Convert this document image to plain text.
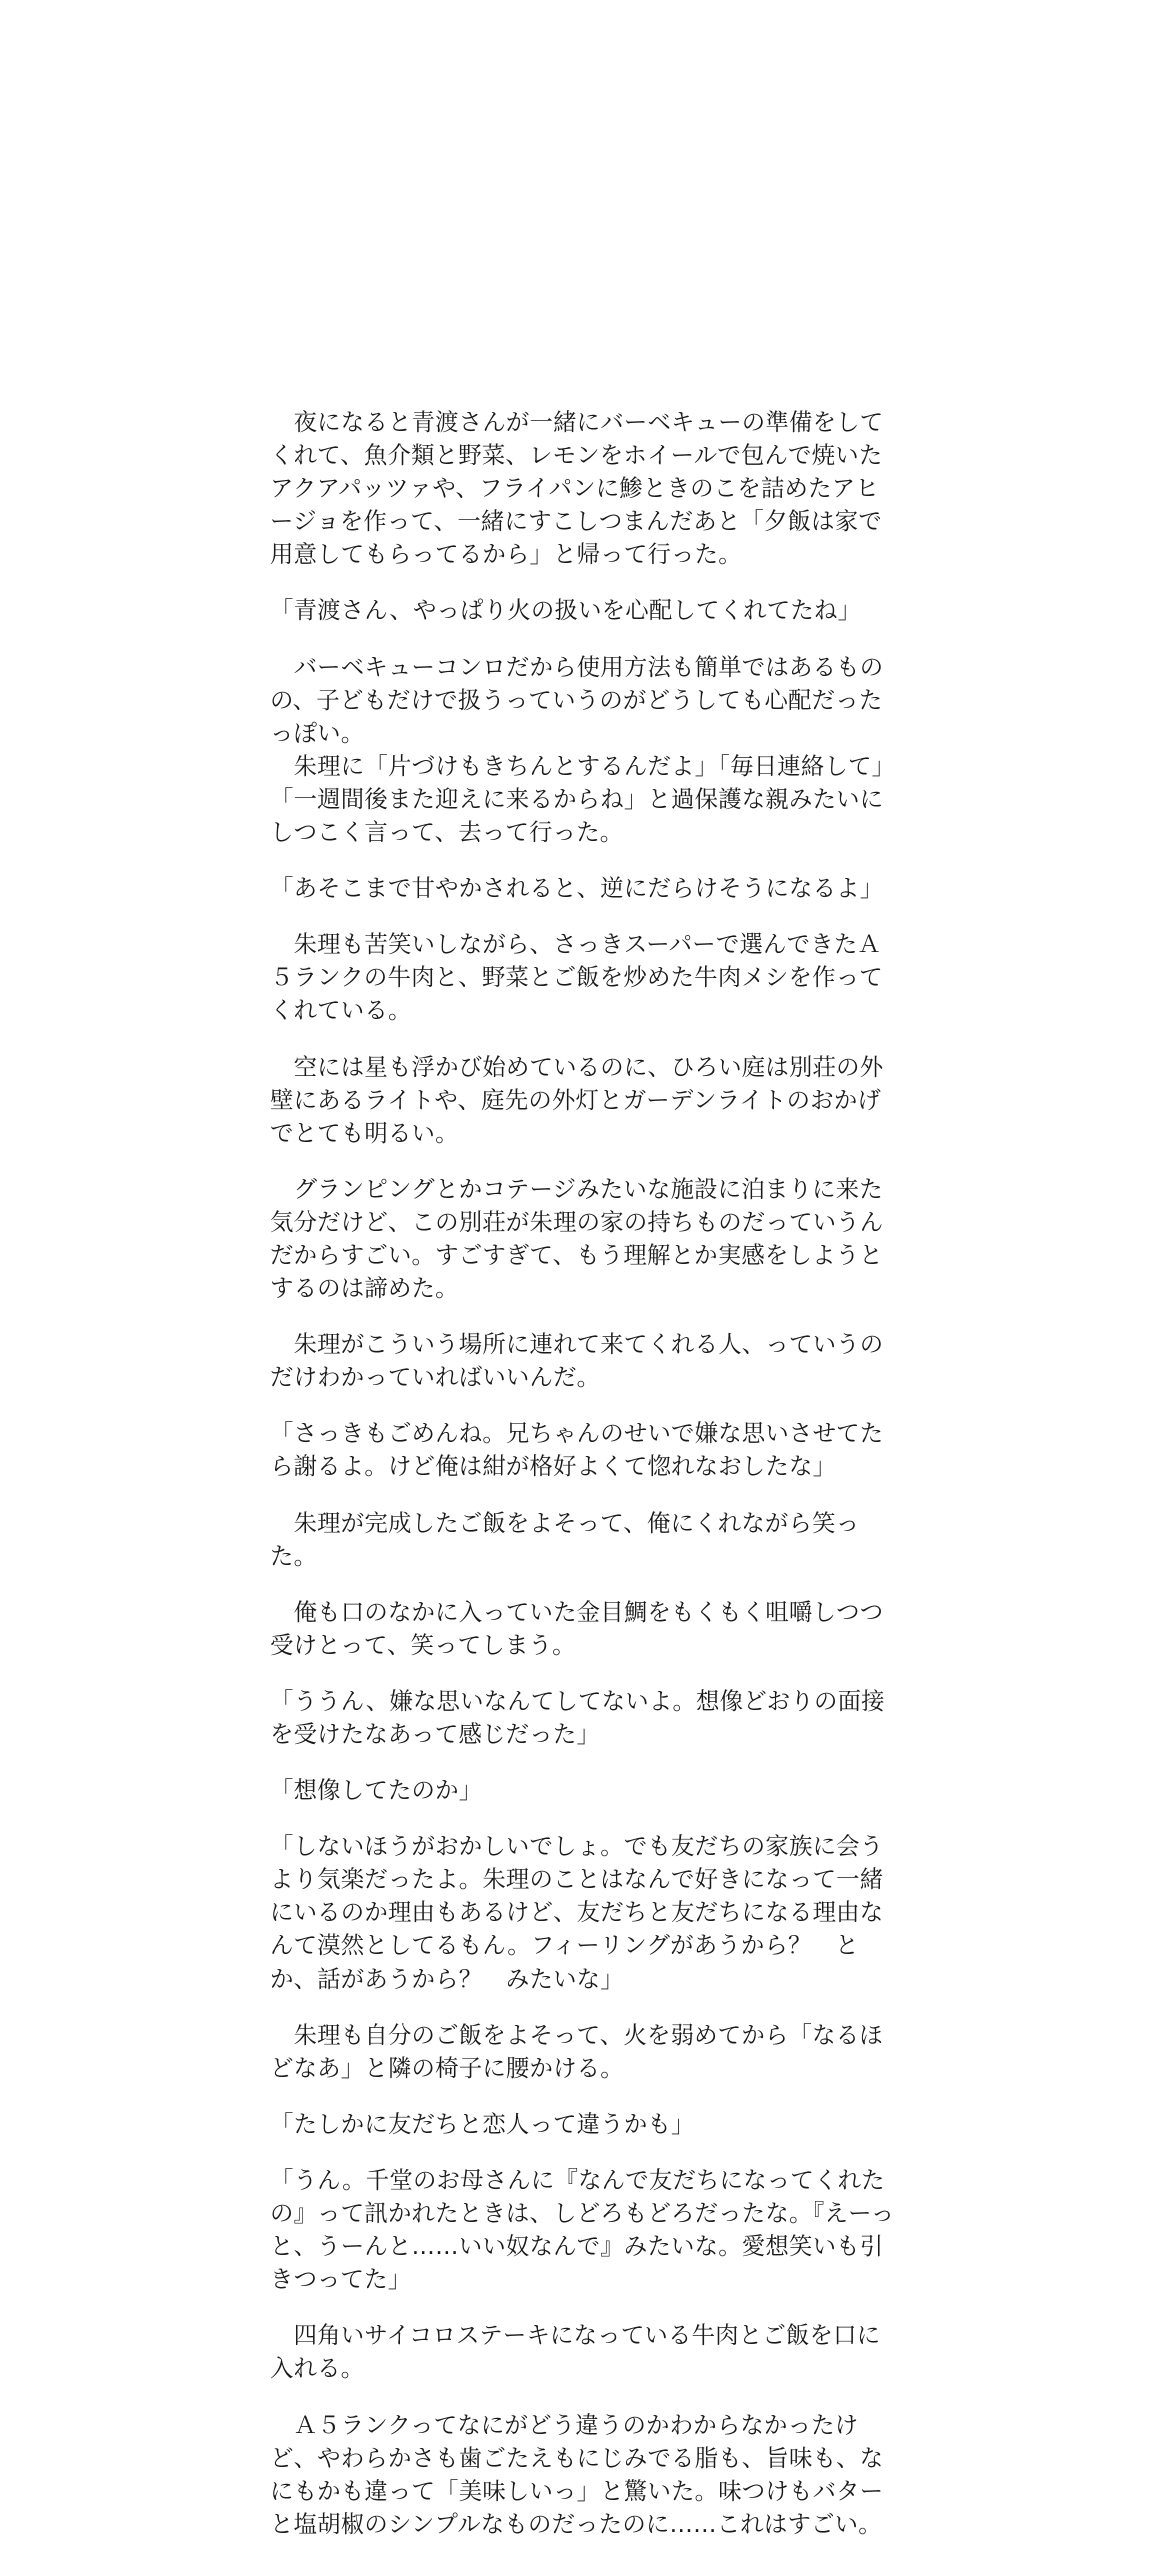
　夜になると青渡さんが一緒にバーベキューの準備をしてくれて、魚介類と野菜、レモンをホイールで包んで焼いたアクアパッツァや、フライパンに鯵ときのこを詰めたアヒージョを作って、一緒にすこしつまんだあと「夕飯は家で用意してもらってるから」と帰って行った。

「青渡さん、やっぱり火の扱いを心配してくれてたね」

　バーベキューコンロだから使用方法も簡単ではあるものの、子どもだけで扱うっていうのがどうしても心配だったっぽい。
　朱理に「片づけもきちんとするんだよ」「毎日連絡して」「一週間後また迎えに来るからね」と過保護な親みたいにしつこく言って、去って行った。

「あそこまで甘やかされると、逆にだらけそうになるよ」

　朱理も苦笑いしながら、さっきスーパーで選んできたＡ５ランクの牛肉と、野菜とご飯を炒めた牛肉メシを作ってくれている。

　空には星も浮かび始めているのに、ひろい庭は別荘の外壁にあるライトや、庭先の外灯とガーデンライトのおかげでとても明るい。

　グランピングとかコテージみたいな施設に泊まりに来た気分だけど、この別荘が朱理の家の持ちものだっていうんだからすごい。すごすぎて、もう理解とか実感をしようとするのは諦めた。

　朱理がこういう場所に連れて来てくれる人、っていうのだけわかっていればいいんだ。

「さっきもごめんね。兄ちゃんのせいで嫌な思いさせてたら謝るよ。けど俺は紺が格好よくて惚れなおしたな」

　朱理が完成したご飯をよそって、俺にくれながら笑った。

　俺も口のなかに入っていた金目鯛をもくもく咀嚼しつつ受けとって、笑ってしまう。

「ううん、嫌な思いなんてしてないよ。想像どおりの面接を受けたなあって感じだった」

「想像してたのか」

「しないほうがおかしいでしょ。でも友だちの家族に会うより気楽だったよ。朱理のことはなんで好きになって一緒にいるのか理由もあるけど、友だちと友だちになる理由なんて漠然としてるもん。フィーリングがあうから？　とか、話があうから？　みたいな」

　朱理も自分のご飯をよそって、火を弱めてから「なるほどなあ」と隣の椅子に腰かける。

「たしかに友だちと恋人って違うかも」

「うん。千堂のお母さんに『なんで友だちになってくれたの』って訊かれたときは、しどろもどろだったな。『えーっと、うーんと……いい奴なんで』みたいな。愛想笑いも引きつってた」

　四角いサイコロステーキになっている牛肉とご飯を口に入れる。

　Ａ５ランクってなにがどう違うのかわからなかったけど、やわらかさも歯ごたえもにじみでる脂も、旨味も、なにもかも違って「美味しいっ」と驚いた。味つけもバターと塩胡椒のシンプルなものだったのに……これはすごい。
